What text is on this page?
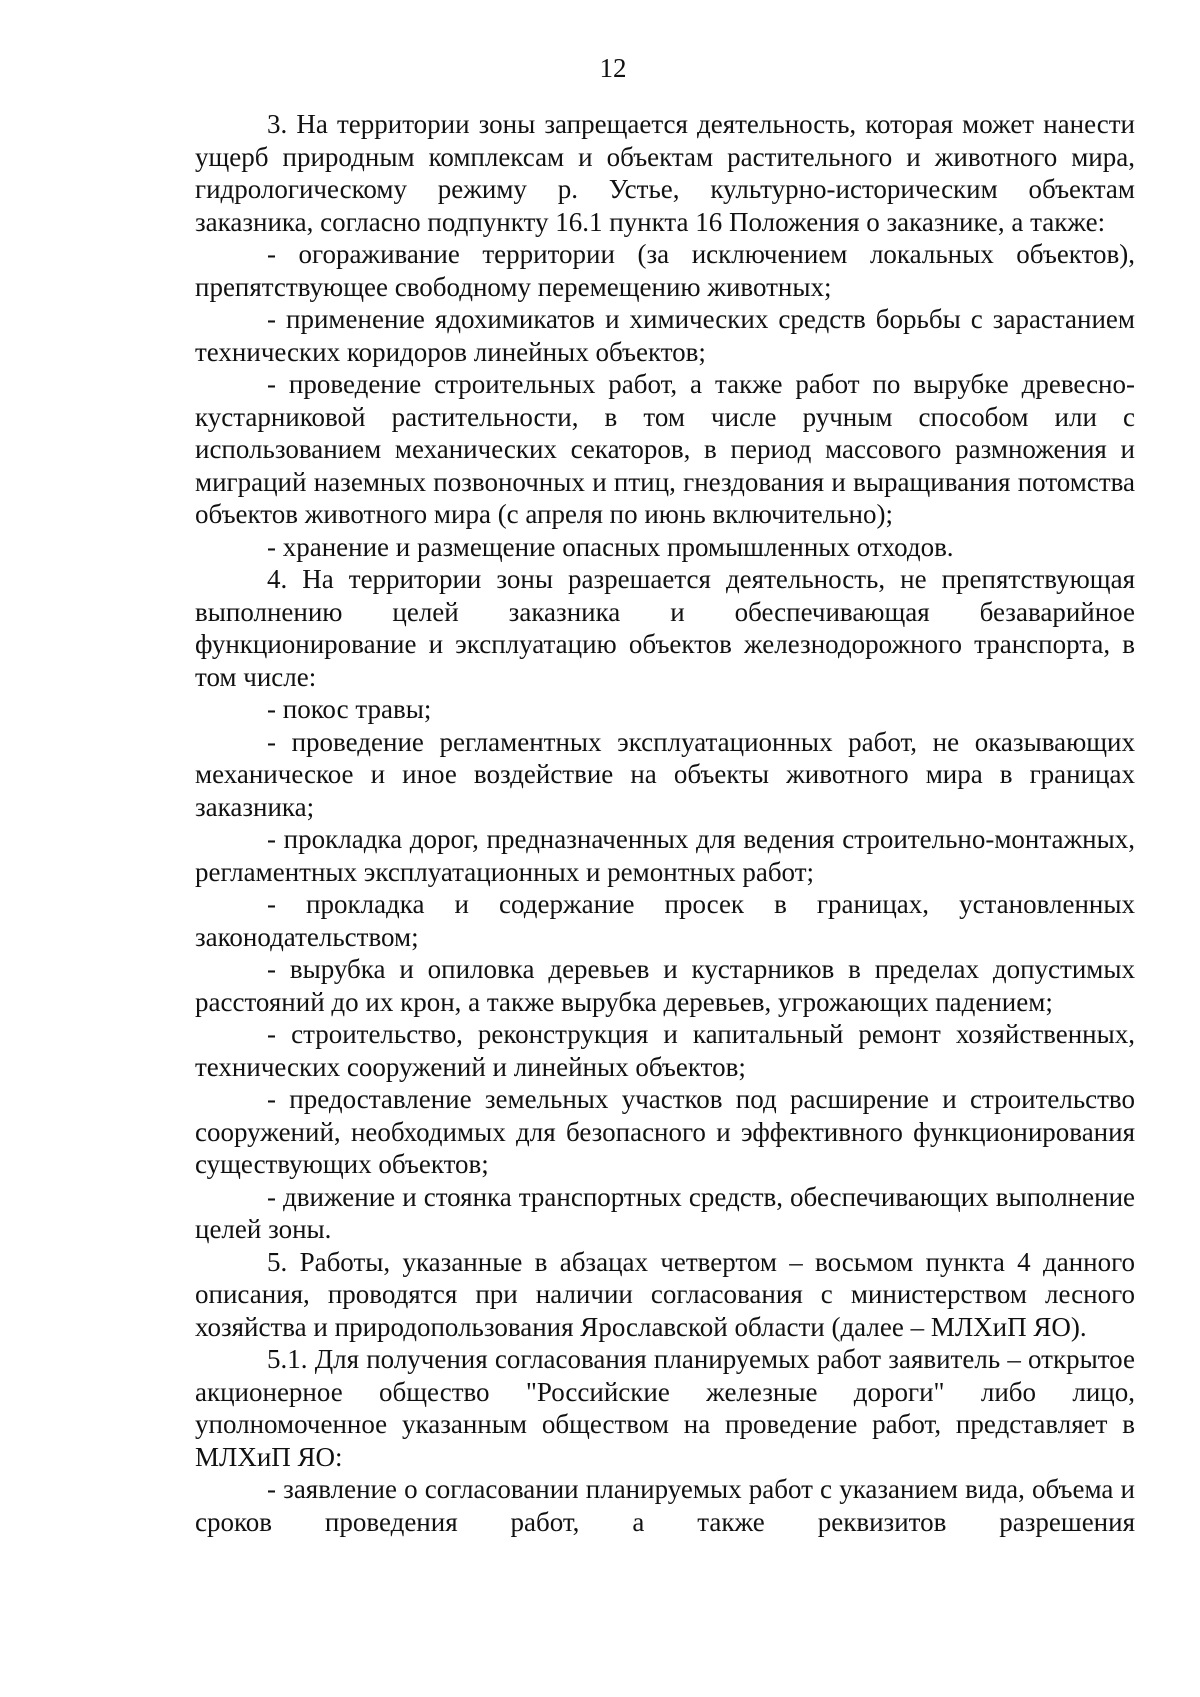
12

3. На территории зоны запрещается деятельность, которая может нанести ущерб природным комплексам и объектам растительного и животного мира, гидрологическому режиму р. Устье, культурно-историческим объектам заказника, согласно подпункту 16.1 пункта 16 Положения о заказнике, а также:

- огораживание территории (за исключением локальных объектов), препятствующее свободному перемещению животных;

- применение ядохимикатов и химических средств борьбы с зарастанием технических коридоров линейных объектов;

- проведение строительных работ, а также работ по вырубке древесно-кустарниковой растительности, в том числе ручным способом или с использованием механических секаторов, в период массового размножения и миграций наземных позвоночных и птиц, гнездования и выращивания потомства объектов животного мира (с апреля по июнь включительно);

- хранение и размещение опасных промышленных отходов.

4. На территории зоны разрешается деятельность, не препятствующая выполнению целей заказника и обеспечивающая безаварийное функционирование и эксплуатацию объектов железнодорожного транспорта, в том числе:

- покос травы;

- проведение регламентных эксплуатационных работ, не оказывающих механическое и иное воздействие на объекты животного мира в границах заказника;

- прокладка дорог, предназначенных для ведения строительно-монтажных, регламентных эксплуатационных и ремонтных работ;

- прокладка и содержание просек в границах, установленных законодательством;

- вырубка и опиловка деревьев и кустарников в пределах допустимых расстояний до их крон, а также вырубка деревьев, угрожающих падением;

- строительство, реконструкция и капитальный ремонт хозяйственных, технических сооружений и линейных объектов;

- предоставление земельных участков под расширение и строительство сооружений, необходимых для безопасного и эффективного функционирования существующих объектов;

- движение и стоянка транспортных средств, обеспечивающих выполнение целей зоны.

5. Работы, указанные в абзацах четвертом – восьмом пункта 4 данного описания, проводятся при наличии согласования с министерством лесного хозяйства и природопользования Ярославской области (далее – МЛХиП ЯО).

5.1. Для получения согласования планируемых работ заявитель – открытое акционерное общество "Российские железные дороги" либо лицо, уполномоченное указанным обществом на проведение работ, представляет в МЛХиП ЯО:

- заявление о согласовании планируемых работ с указанием вида, объема и сроков проведения работ, а также реквизитов разрешения
